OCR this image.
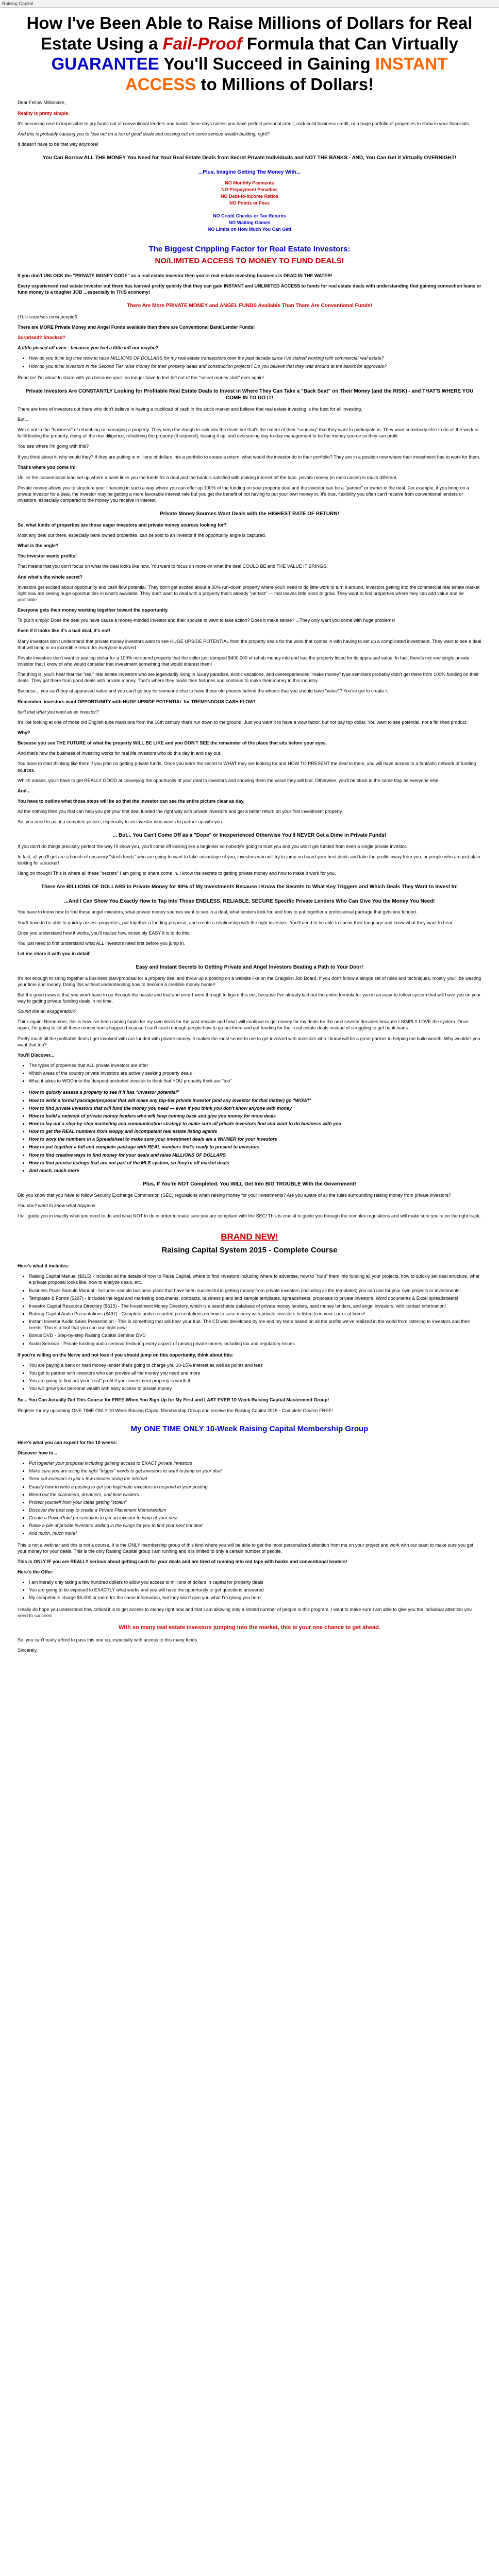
Raising Capital
How I've Been Able to Raise Millions of Dollars for Real Estate Using a Fail-Proof Formula that Can Virtually GUARANTEE You'll Succeed in Gaining INSTANT ACCESS to Millions of Dollars!

Dear Fellow Millionaire,

Reality is pretty simple.

It's becoming next to impossible to pry funds out of conventional lenders and banks these days unless you have perfect personal credit, rock-solid business credit, or a huge portfolio of properties to show in your financials.

And this is probably causing you to lose out on a ton of good deals and missing out on some serious wealth-building, right?

It doesn't have to be that way anymore!

You Can Borrow ALL THE MONEY You Need for Your Real Estate Deals from Secret Private Individuals and NOT THE BANKS - AND, You Can Get it Virtually OVERNIGHT!
...Plus, Imagine Getting The Money With...
NO Monthly Payments
NO Prepayment Penalties
NO Debt-to-Income Ratios
NO Points or Fees
NO Credit Checks or Tax Returns
NO Waiting Games
NO Limits on How Much You Can Get!
The Biggest Crippling Factor for Real Estate Investors:
NO/LIMITED ACCESS TO MONEY TO FUND DEALS!

If you don't UNLOCK the "PRIVATE MONEY CODE" as a real estate investor then you're real estate investing business is DEAD IN THE WATER!

Every experienced real estate investor out there has learned pretty quickly that they can gain INSTANT and UNLIMITED ACCESS to funds for real estate deals with understanding that gaining connection leans or fund money is a tougher JOB ...especially in THIS economy!

There Are More PRIVATE MONEY and ANGEL FUNDS Available Than There Are Conventional Funds!

(This surprises most people!)

There are MORE Private Money and Angel Funds available than there are Conventional Bank/Lender Funds!

Surprised? Shocked?

A little pissed off even - because you feel a little left out maybe?

• How do you think big time wow to raise MILLIONS OF DOLLARS for my real estate transactions over the past decade since I've started working with commercial real estate?
• How do you think investors in the Second Tier raise money for their property deals and construction projects? Do you believe that they wait around at the banks for approvals?

Read on! I'm about to share with you because you'll no longer have to feel left out of the "secret money club" ever again!

Private Investors Are CONSTANTLY Looking for Profitable Real Estate Deals to Invest in Where They Can Take a "Back Seat" on Their Money (and the RISK) - and THAT'S WHERE YOU COME IN TO DO IT!

There are tons of investors out there who don't believe in having a truckload of cash in the stock market and believe that real estate investing is the best for all investing.

But...

We're not in the "business" of rehabbing or managing a property. They keep the dough to sink into the deals but that's the extent of their "sourcing" that they want to participate in. They want somebody else to do all the work to fulfill finding the property, doing all the due diligence, rehabbing the property (if required), leasing it up, and overseeing day-to-day management to be the money source so they can profit.

You see where I'm going with this?

If you think about it, why would they? If they are putting in millions of dollars into a portfolio to create a return, what would the investor do in their portfolio? They are in a position now where their investment has to work for them.

That's where you come in!

Unlike the conventional loan set up where a bank links you the funds for a deal and the bank is satisfied with making interest off the loan, private money (in most cases) is much different.

Private money allows you to structure your financing in such a way where you can offer up 100% of the funding on your property deal and the investor can be a "partner" or owner in the deal. For example, if you bring on a private investor for a deal, the investor may be getting a more favorable interest rate but you get the benefit of not having to put your own money in. It's true, flexibility you often can't receive from conventional lenders or investors, especially compared to the money you receive in interest.

Private Money Sources Want Deals with the HIGHEST RATE OF RETURN!

So, what kinds of properties are those eager investors and private money sources looking for?

Most any deal out there, especially bank owned properties, can be sold to an investor if the opportunity angle is captured.

What is the angle?

The investor wants profits!

That means that you don't focus on what the deal looks like now. You want to focus on more on what the deal COULD BE and THE VALUE IT BRINGS.

And what's the whole secret?

Investors get excited about opportunity and cash flow potential. They don't get excited about a 30% run-down property where you'll need to do little work to turn it around. Investors getting into the commercial real estate market right now are seeing huge opportunities in what's available. They don't want to deal with a property that's already "perfect" — that leaves little room to grow. They want to find properties where they can add value and be profitable.

Everyone gets their money working together toward the opportunity.

To put it simply: Does the deal you have cause a money-minded investor and their spouse to want to take action? Does it make sense? ...They only want you come with huge problems!

Even if it looks like it's a bad deal, it's not!

Many investors don't understand that private money investors want to see HUGE UPSIDE POTENTIAL from the property deals for the work that comes in with having to set up a complicated investment. They want to see a deal that will bring in an incredible return for everyone involved.

Private investors don't want to pay top dollar for a 100% no-spend property that the seller just dumped $400,000 of rehab money into and has the property listed for its appraised value. In fact, there's not one single private investor that I know of who would consider that investment something that would interest them!

The thing is, you'll hear that the "real" real estate investors who are legendarily living in luxury paradise, exotic vacations, and overexperienced "make money" type seminars probably didn't get there from 100% funding on their deals. They got there from good deals with private money. That's where they made their fortunes and continue to make their money in this industry.

Because... you can't buy at appraised value and you can't go buy for someone else to have those old phones behind the wheels that you should have "value"? You've got to create it.

Remember, investors want OPPORTUNITY with HUGE UPSIDE POTENTIAL for TREMENDOUS CASH FLOW!

Isn't that what you want as an investor?

It's like looking at one of those old English tube mansions from the 16th century that's run down to the ground. Just you want it to have a wow factor, but not pay top dollar. You want to see potential, not a finished product.

Why?

Because you see THE FUTURE of what the property WILL BE LIKE and you DON'T SEE the remainder of the place that sits before your eyes.

And that's how the business of investing works for real life investors who do this day in and day out.

You have to start thinking like them if you plan on getting private funds. Once you learn the secret to WHAT they are looking for and HOW TO PRESENT the deal to them, you will have access to a fantastic network of funding sources.

Which means, you'll have to get REALLY GOOD at conveying the opportunity of your deal to investors and showing them the value they will find. Otherwise, you'll be stuck in the same trap as everyone else.

And...

You have to outline what those steps will be so that the investor can see the entire picture clear as day.

All the nothing then you that can help you get your first deal funded the right way with private investors and get a better return on your first investment property.

So, you need to paint a complete picture, especially to an investor who wants to partner up with you.

... But... You Can't Come Off as a "Dope" or Inexperienced Otherwise You'll NEVER Get a Dime in Private Funds!

If you don't do things precisely perfect the way I'll show you, you'll come off looking like a beginner so nobody's going to trust you and you won't get funded from even a single private investor.

In fact, all you'll get are a bunch of unsavory "slush funds" who are going to want to take advantage of you, investors who will try to jump on board your best deals and take the profits away from you, or people who are just plain looking for a sucker!

Hang on though! This is where all these "secrets" I am going to share come in. I know the secrets to getting private money and how to make it work for you.

There Are BILLIONS OF DOLLARS in Private Money for 90% of My Investments Because I Know the Secrets to What Key Triggers and Which Deals They Want to Invest In!
...And I Can Show You Exactly How to Tap Into Those ENDLESS, RELIABLE, SECURE Specific Private Lenders Who Can Give You the Money You Need!

You have to know how to find these angel investors, what private money sources want to see in a deal, what lenders look for, and how to put together a professional package that gets you funded.

You'll have to be able to quickly assess properties, put together a funding proposal, and create a relationship with the right investors. You'll need to be able to speak their language and know what they want to hear.

Once you understand how it works, you'll realize how incredibly EASY it is to do this.

You just need to first understand what ALL investors need first before you jump in.

Let me share it with you in detail!

Easy and Instant Secrets to Getting Private and Angel Investors Beating a Path to Your Door!

It's not enough to string together a business plan/proposal for a property deal and throw up a posting on a website like on the Craigslist Job Board. If you don't follow a simple set of rules and techniques, mostly you'll be wasting your time and money. Doing this without understanding how to become a credible money hunter!

But the good news is that you won't have to go through the hassle and trial and error I went through to figure this out, because I've already laid out the entire formula for you in an easy-to-follow system that will have you on your way to getting private funding deals in no time.

Sound like an exaggeration?

Think again! Remember, this is how I've been raising funds for my own deals for the past decade and how I will continue to get money for my deals for the next several decades because I SIMPLY LOVE the system. Once again, I'm going to let all these money hunts happen because I can't teach enough people how to go out there and get funding for their real estate deals instead of struggling to get bank loans.

Pretty much all the profitable deals I get involved with are funded with private money. It makes the most sense to me to get involved with investors who I know will be a great partner in helping me build wealth. Why wouldn't you want that too?

You'll Discover...

• The types of properties that ALL private investors are after
• Which areas of the country private investors are actively seeking property deals
• What it takes to WOO into the deepest-pocketed investor to think that YOU probably think are "too"
• How to quickly assess a property to see if it has "investor potential"
• How to write a formal package/proposal that will make any top-tier private investor (and any investor for that matter) go "WOW!"
• How to find private investors that will fund the money you need — even if you think you don't know anyone with money
• How to build a network of private money lenders who will keep coming back and give you money for more deals
• How to lay out a step-by-step marketing and communication strategy to make sure all private investors find and want to do business with you
• How to get the REAL numbers from sloppy and incompetent real estate listing agents
• How to work the numbers in a Spreadsheet to make sure your investment deals are a WINNER for your investors
• How to put together a full and complete package with REAL numbers that's ready to present to investors
• How to find creative ways to find money for your deals and raise MILLIONS OF DOLLARS
• How to find precise listings that are not part of the MLS system, so they're off market deals
• And much, much more
Plus, If You're NOT Completed, You WILL Get Into BIG TROUBLE With the Government!

Did you know that you have to follow Security Exchange Commission (SEC) regulations when raising money for your investments? Are you aware of all the rules surrounding raising money from private investors?

You don't want to know what happens.

I will guide you in exactly what you need to do and what NOT to do in order to make sure you are compliant with the SEC! This is crucial to guide you through the complex regulations and will make sure you're on the right track.

BRAND NEW!
Raising Capital System 2015 - Complete Course

Here's what it includes:

• Raising Capital Manual ($915) - Includes all the details of how to Raise Capital, where to find investors including where to advertise, how to "hunt" them into funding all your projects, how to quickly set deal structure, what a private proposal looks like, how to analyze deals, etc.
• Business Plans Sample Manual - Includes sample business plans that have been successful in getting money from private investors (including all the templates) you can use for your own projects or investments!
• Templates & Forms ($297) - Includes the legal and marketing documents, contracts, business plans and sample templates, spreadsheets, proposals to private investors, Word documents & Excel spreadsheets!
• Investor Capital Resource Directory ($515) - The Investment Money Directory, which is a searchable database of private money lenders, hard money lenders, and angel investors, with contact information!
• Raising Capital Audio Presentations ($497) - Complete audio recorded presentations on how to raise money with private investors to listen to in your car or at home!
• Instant Investor Audio Sales Presentation - This is something that will bear your fruit. The CD was developed by me and my team based on all the profits we've realized in the world from listening to investors and their needs. This is a tool that you can use right now!
• Bonus DVD - Step-by-step Raising Capital Seminar DVD
• Audio Seminar - Private funding audio seminar featuring every aspect of raising private money including tax and regulatory issues.

If you're willing on the Nerve and not lose if you should jump on this opportunity, think about this:

• You are paying a bank or hard money lender that's going to charge you 10-15% interest as well as points and fees
• You get to partner with investors who can provide all the money you need and more
• You are going to find out your "real" profit if your investment property is worth it
• You will grow your personal wealth with easy access to private money

So... You Can Actually Get This Course for FREE When You Sign Up for My First and LAST EVER 10-Week Raising Capital Mastermind Group!

Register for my upcoming ONE TIME ONLY 10 Week Raising Capital Membership Group and receive the Raising Capital 2015 - Complete Course FREE!

My ONE TIME ONLY 10-Week Raising Capital Membership Group

Here's what you can expect for the 10 weeks:

Discover how to...

• Put together your proposal including gaining access to EXACT private investors
• Make sure you are using the right "trigger" words to get investors to want to jump on your deal
• Seek out investors in just a few minutes using the internet
• Exactly how to write a posting to get you legitimate investors to respond to your posting
• Weed out the scammers, dreamers, and time wasters
• Protect yourself from your ideas getting "stolen"
• Discover the best way to create a Private Placement Memorandum
• Create a PowerPoint presentation to get an investor to jump at your deal
• Raise a pile of private investors waiting in the wings for you to find your next hot deal
• And much, much more!

This is not a webinar and this is not a course. It is the ONLY membership group of this kind where you will be able to get the most personalized attention from me on your project and work with our team to make sure you get your money for your deals. This is the only Raising Capital group I am running and it is limited to only a certain number of people.

This is ONLY IF you are REALLY serious about getting cash for your deals and are tired of running into red tape with banks and conventional lenders!

Here's the Offer:

• I am literally only taking a few hundred dollars to allow you access to millions of dollars in capital for property deals
• You are going to be exposed to EXACTLY what works and you will have the opportunity to get questions answered
• My competitors charge $5,000 or more for the same information, but they won't give you what I'm giving you here

I really do hope you understand how critical it is to get access to money right now and that I am allowing only a limited number of people in this program. I want to make sure I am able to give you the individual attention you need to succeed.

With so many real estate investors jumping into the market, this is your one chance to get ahead.

So, you can't really afford to pass this one up, especially with access to this many funds.

Sincerely,
